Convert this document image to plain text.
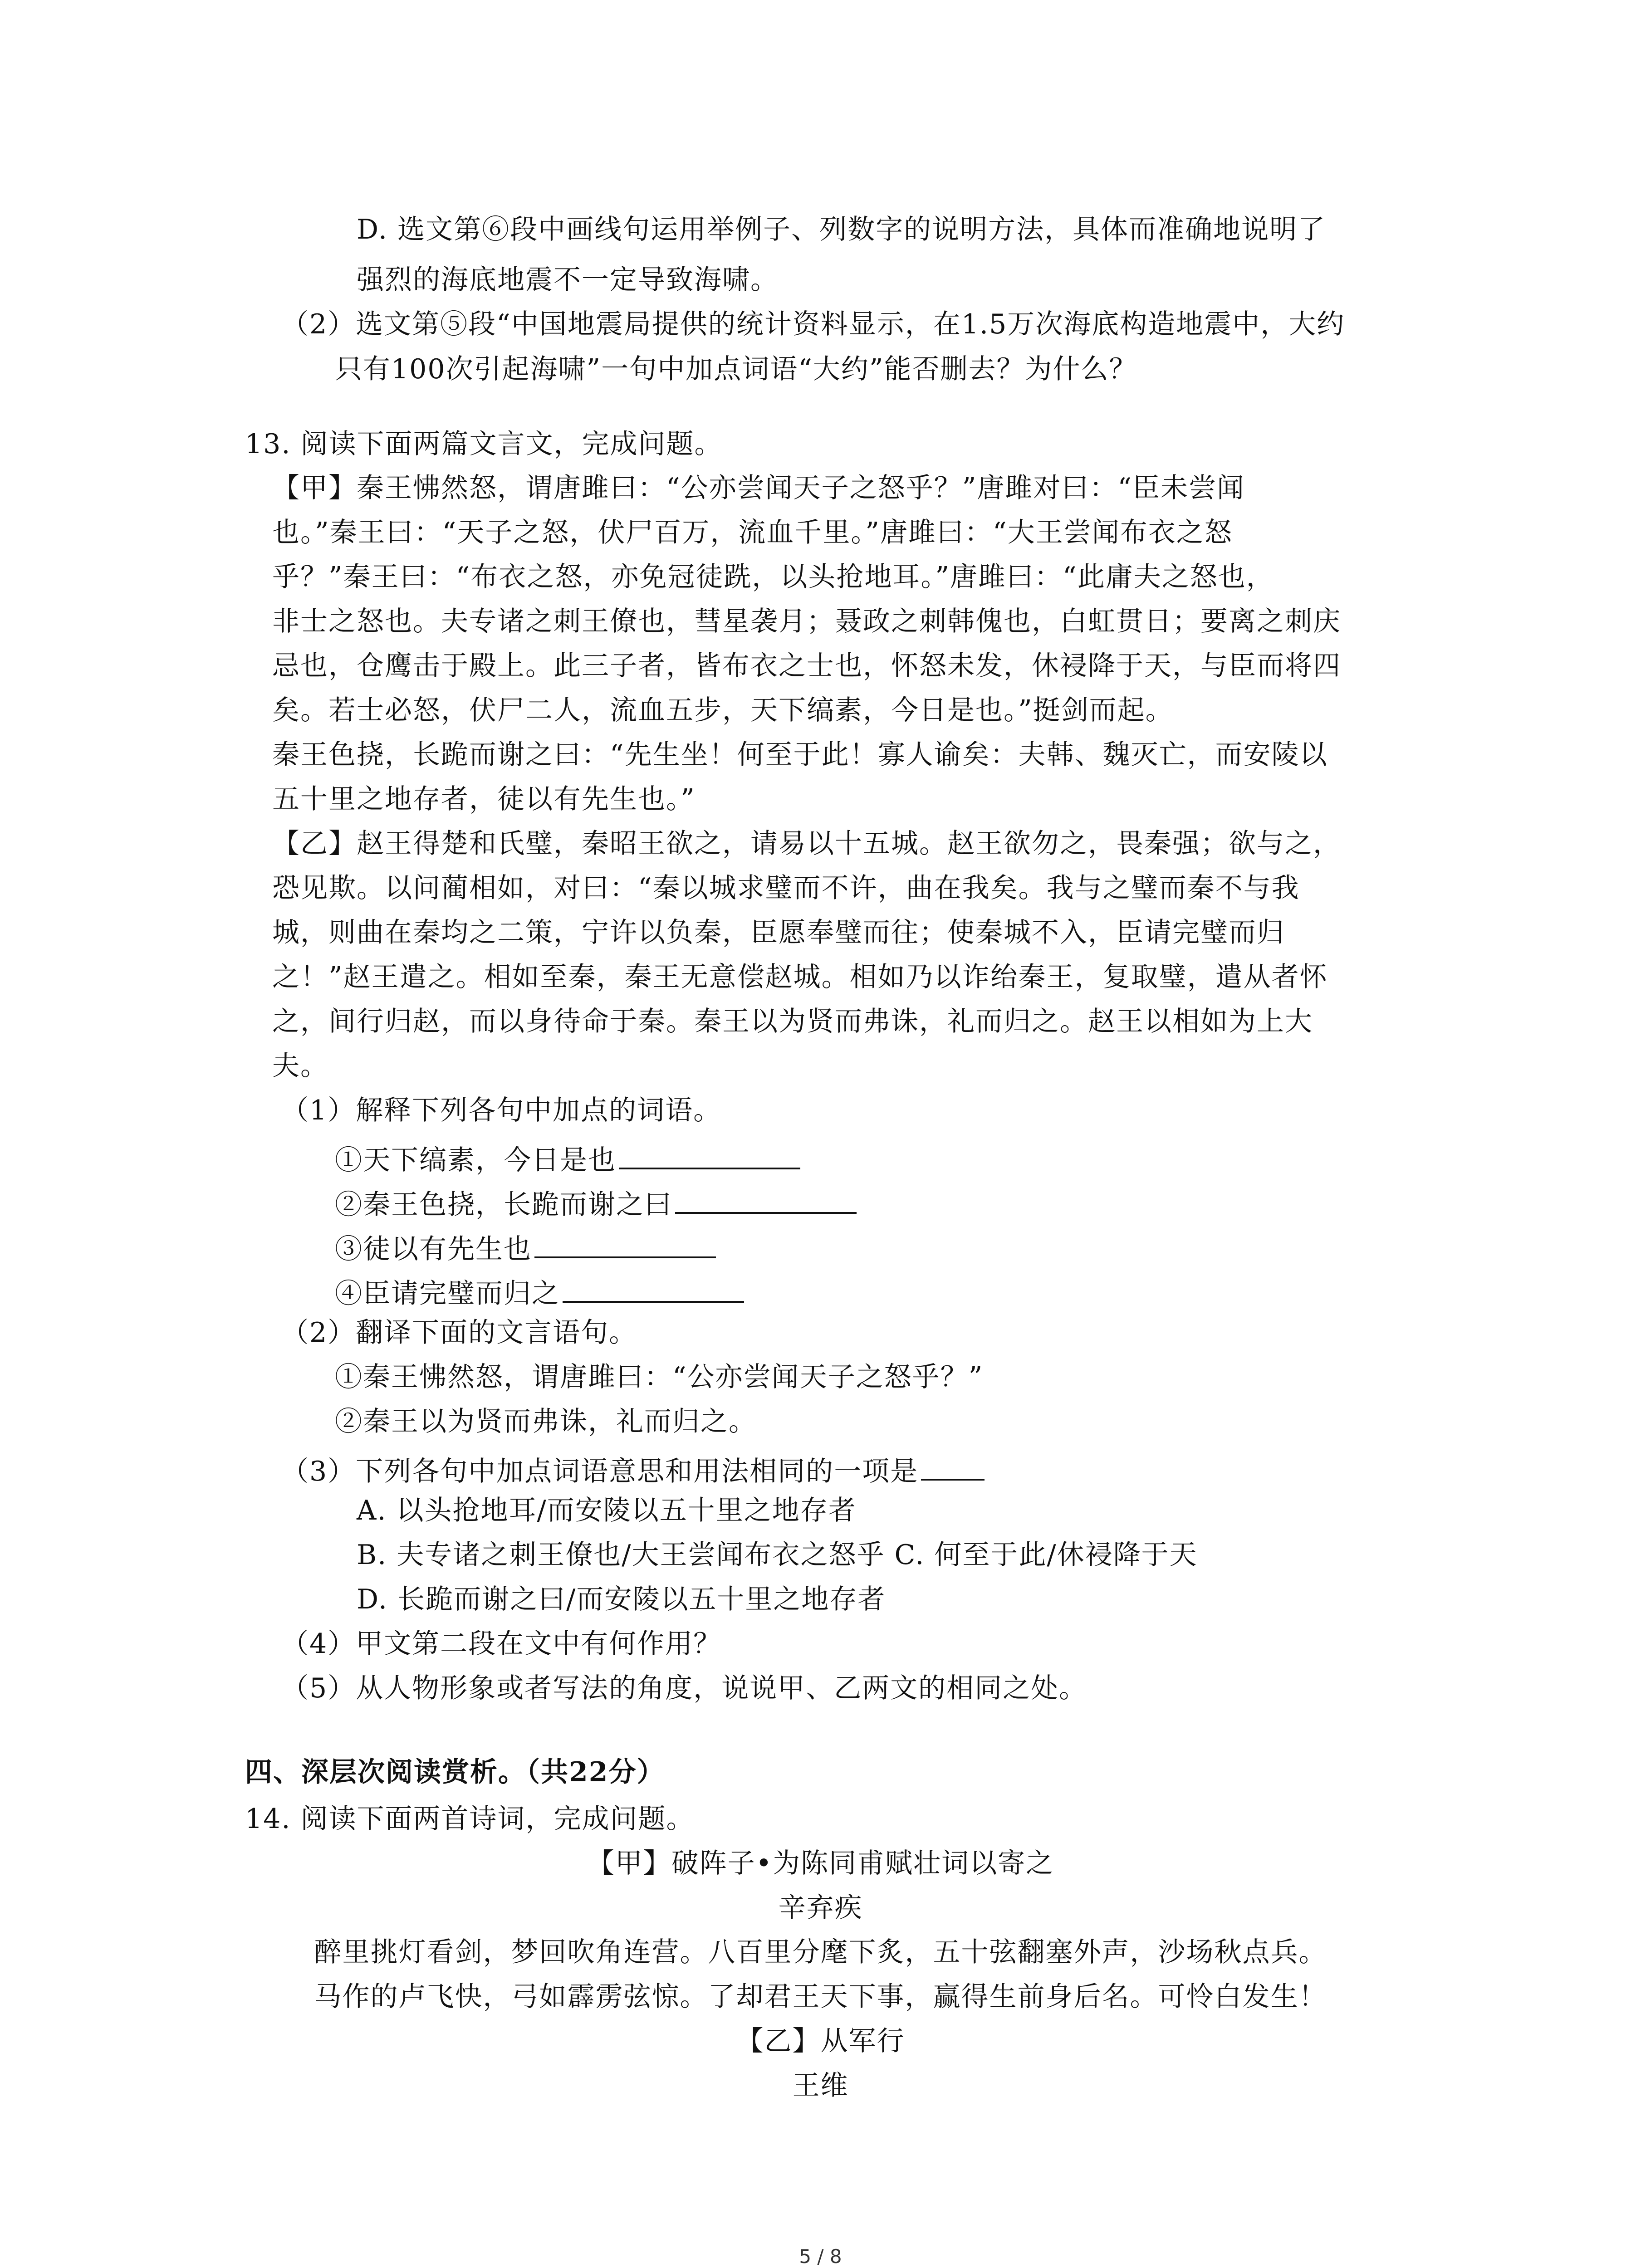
D. 选文第⑥段中画线句运用举例子、列数字的说明方法，具体而准确地说明了
强烈的海底地震不一定导致海啸。
（2）选文第⑤段“中国地震局提供的统计资料显示，在1.5万次海底构造地震中，大约
只有100次引起海啸”一句中加点词语“大约”能否删去？为什么？
13. 阅读下面两篇文言文，完成问题。
【甲】秦王怫然怒，谓唐雎曰：“公亦尝闻天子之怒乎？”唐雎对曰：“臣未尝闻
也。”秦王曰：“天子之怒，伏尸百万，流血千里。”唐雎曰：“大王尝闻布衣之怒
乎？”秦王曰：“布衣之怒，亦免冠徒跣，以头抢地耳。”唐雎曰：“此庸夫之怒也，
非士之怒也。夫专诸之刺王僚也，彗星袭月；聂政之刺韩傀也，白虹贯日；要离之刺庆
忌也，仓鹰击于殿上。此三子者，皆布衣之士也，怀怒未发，休祲降于天，与臣而将四
矣。若士必怒，伏尸二人，流血五步，天下缟素，今日是也。”挺剑而起。
秦王色挠，长跪而谢之曰：“先生坐！何至于此！寡人谕矣：夫韩、魏灭亡，而安陵以
五十里之地存者，徒以有先生也。”
【乙】赵王得楚和氏璧，秦昭王欲之，请易以十五城。赵王欲勿之，畏秦强；欲与之，
恐见欺。以问蔺相如，对曰：“秦以城求璧而不许，曲在我矣。我与之璧而秦不与我
城，则曲在秦均之二策，宁许以负秦，臣愿奉璧而往；使秦城不入，臣请完璧而归
之！”赵王遣之。相如至秦，秦王无意偿赵城。相如乃以诈绐秦王，复取璧，遣从者怀
之，间行归赵，而以身待命于秦。秦王以为贤而弗诛，礼而归之。赵王以相如为上大
夫。
（1）解释下列各句中加点的词语。
①天下缟素，今日是也
②秦王色挠，长跪而谢之曰
③徒以有先生也
④臣请完璧而归之
（2）翻译下面的文言语句。
①秦王怫然怒，谓唐雎曰：“公亦尝闻天子之怒乎？”
②秦王以为贤而弗诛，礼而归之。
（3）下列各句中加点词语意思和用法相同的一项是
A. 以头抢地耳/而安陵以五十里之地存者
B. 夫专诸之刺王僚也/大王尝闻布衣之怒乎 C. 何至于此/休祲降于天
D. 长跪而谢之曰/而安陵以五十里之地存者
（4）甲文第二段在文中有何作用？
（5）从人物形象或者写法的角度，说说甲、乙两文的相同之处。
四、深层次阅读赏析。（共22分）
14. 阅读下面两首诗词，完成问题。
【甲】破阵子•为陈同甫赋壮词以寄之
辛弃疾
醉里挑灯看剑，梦回吹角连营。八百里分麾下炙，五十弦翻塞外声，沙场秋点兵。
马作的卢飞快，弓如霹雳弦惊。了却君王天下事，赢得生前身后名。可怜白发生！
【乙】从军行
王维
5 / 8
